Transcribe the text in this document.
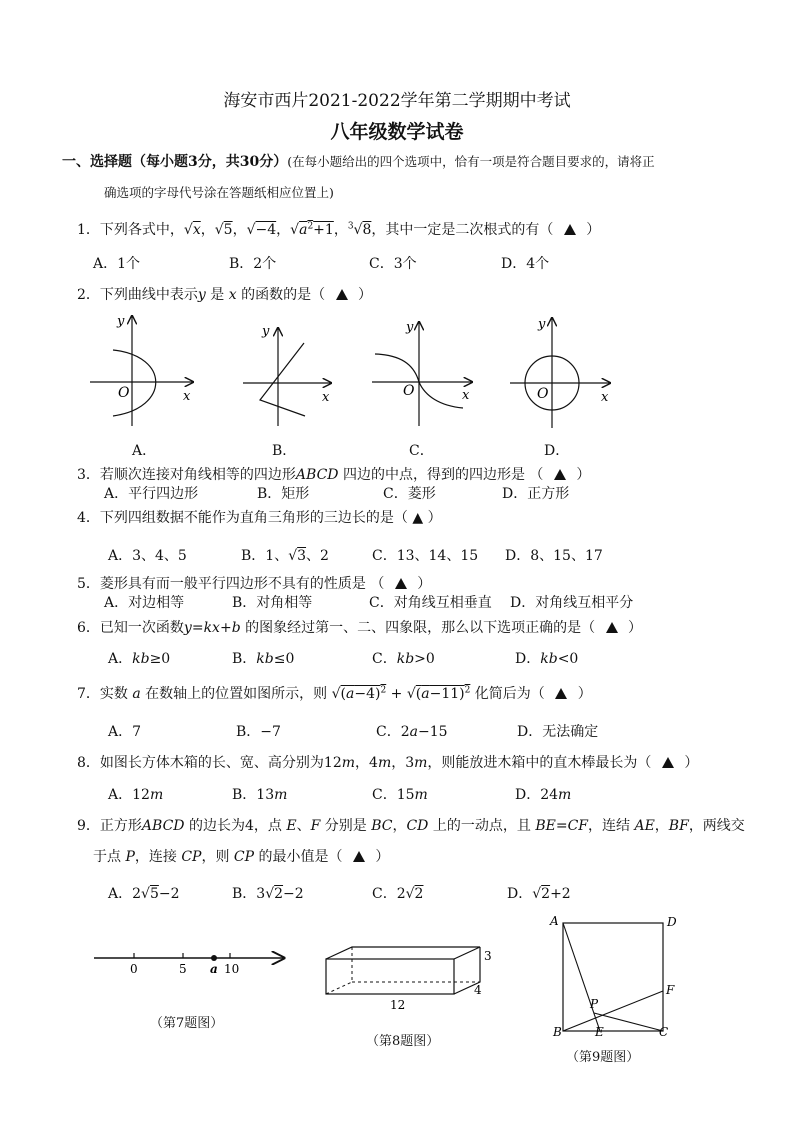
海安市西片2021-2022学年第二学期期中考试
八年级数学试卷
一、选择题（每小题3分，共30分）(在每小题给出的四个选项中，恰有一项是符合题目要求的，请将正
确选项的字母代号涂在答题纸相应位置上)
1．下列各式中，√x，√5，√−4，$√a^2+1$，$^3$√8，其中一定是二次根式的有（  ）
A．1个	B．2个	C．3个	D．4个
2．下列曲线中表示y 是 x 的函数的是（  ）
O	x
y
y
x	O	x
y
O	x
y
A．	B．	C．	D．
3．若顺次连接对角线相等的四边形ABCD 四边的中点，得到的四边形是 （  ）
A．平行四边形	B．矩形	C．菱形	D．正方形
4．下列四组数据不能作为直角三角形的三边长的是（ ▲ ）
A．3、4、5	B．1、√3、2	C．13、14、15 D．8、15、17
5．菱形具有而一般平行四边形不具有的性质是 （  ）
A．对边相等	B．对角相等	C．对角线互相垂直 D．对角线互相平分
6．已知一次函数y=kx+b 的图象经过第一、二、四象限，那么以下选项正确的是（  ）
A．kb≥0	B．kb≤0	C．kb>0	D．kb<0
7．实数 a 在数轴上的位置如图所示，则 $√(a-4)^2 + √(a-11)^2$ 化简后为（  ）
A．7	B．−7	C．2a−15	D．无法确定
8．如图长方体木箱的长、宽、高分别为12m，4m，3m，则能放进木箱中的直木棒最长为（  ）
A．12m	B．13m	C．15m	D．24m
9．正方形ABCD 的边长为4，点 E、F 分别是 BC，CD 上的一动点，且 BE=CF，连结 AE，BF，两线交
于点 P，连接 CP，则 CP 的最小值是（  ）
A．2√5−2	B．3√2−2	C．2√2	D．√2+2
0	5 a 10
（第7题图）
3
4
12
（第8题图）
A	D
F
P
B	E	C
（第9题图）
